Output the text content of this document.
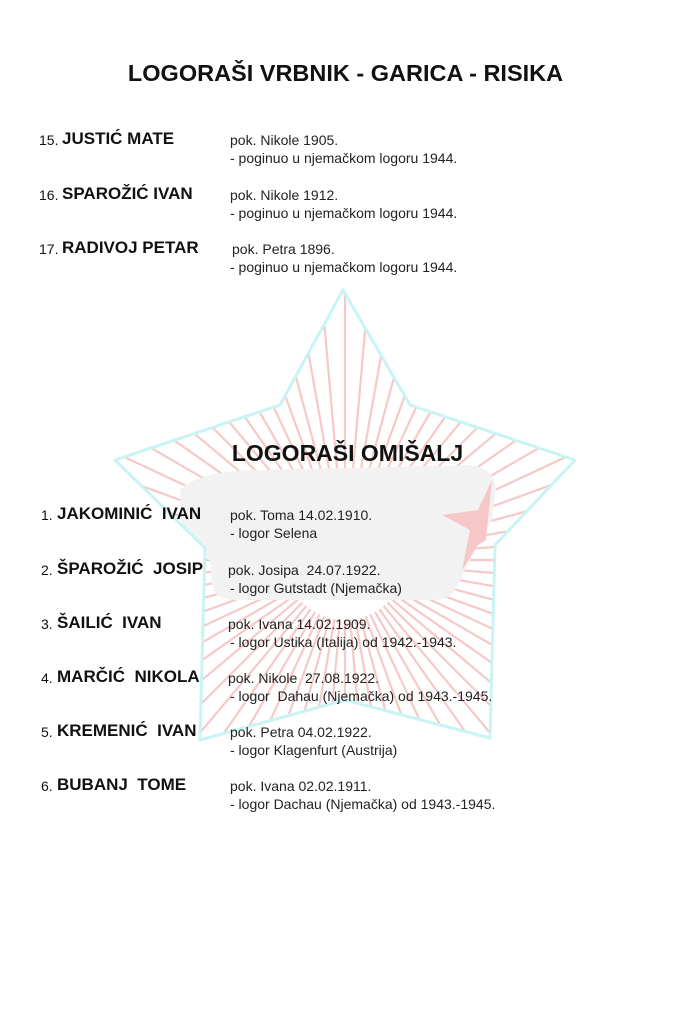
LOGORAŠI VRBNIK - GARICA - RISIKA
15. JUSTIĆ MATE	pok. Nikole 1905.
- poginuo u njemačkom logoru 1944.
16. SPAROŽIĆ IVAN	pok. Nikole 1912.
- poginuo u njemačkom logoru 1944.
17. RADIVOJ PETAR pok. Petra 1896.
- poginuo u njemačkom logoru 1944.
LOGORAŠI OMIŠALJ
1. JAKOMINIĆ  IVAN pok. Toma 14.02.1910.
- logor Selena
2. ŠPAROŽIĆ  JOSIP pok. Josipa  24.07.1922.
- logor Gutstadt (Njemačka)
3. ŠAILIĆ  IVAN	pok. Ivana 14.02.1909.
- logor Ustika (Italija) od 1942.-1943.
4. MARČIĆ  NIKOLA pok. Nikole  27.08.1922.
- logor  Dahau (Njemačka) od 1943.-1945.
5. KREMENIĆ  IVAN pok. Petra 04.02.1922.
- logor Klagenfurt (Austrija)
6. BUBANJ  TOME	pok. Ivana 02.02.1911.
- logor Dachau (Njemačka) od 1943.-1945.
